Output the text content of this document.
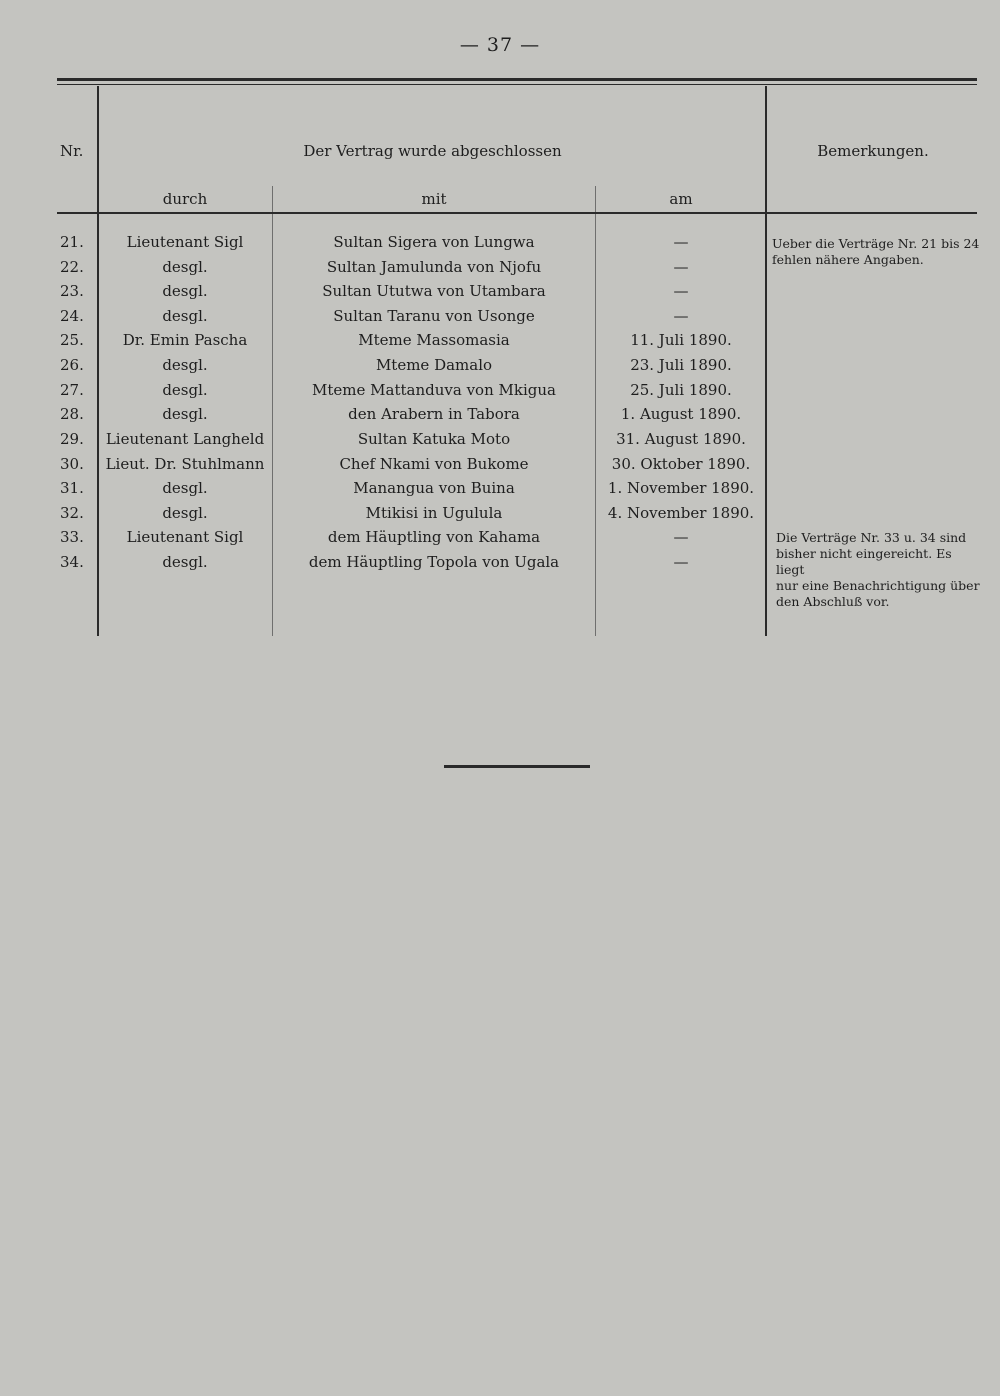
— 37 —
Nr.	Der Vertrag wurde abgeschlossen
durch	mit	am
Bemerkungen.
21.	Lieutenant Sigl	Sultan Sigera von Lungwa	—
22.	desgl.	Sultan Jamulunda von Njofu	—
23.	desgl.	Sultan Ututwa von Utambara	—
24.	desgl.	Sultan Taranu von Usonge	—
25.	Dr. Emin Pascha	Mteme Massomasia	11. Juli 1890.
26.	desgl.	Mteme Damalo	23. Juli 1890.
27.	desgl.	Mteme Mattanduva von Mkigua	25. Juli 1890.
28.	desgl.	den Arabern in Tabora	1. August 1890.
29.	Lieutenant Langheld	Sultan Katuka Moto	31. August 1890.
30.	Lieut. Dr. Stuhlmann	Chef Nkami von Bukome	30. Oktober 1890.
31.	desgl.	Manangua von Buina	1. November 1890.
32.	desgl.	Mtikisi in Ugulula	4. November 1890.
33.	Lieutenant Sigl	dem Häuptling von Kahama	—
34.	desgl.	dem Häuptling Topola von Ugala	—
Ueber die Verträge Nr. 21 bis 24
fehlen nähere Angaben.
Die Verträge Nr. 33 u. 34 sind
bisher nicht eingereicht. Es liegt
nur eine Benachrichtigung über
den Abschluß vor.
